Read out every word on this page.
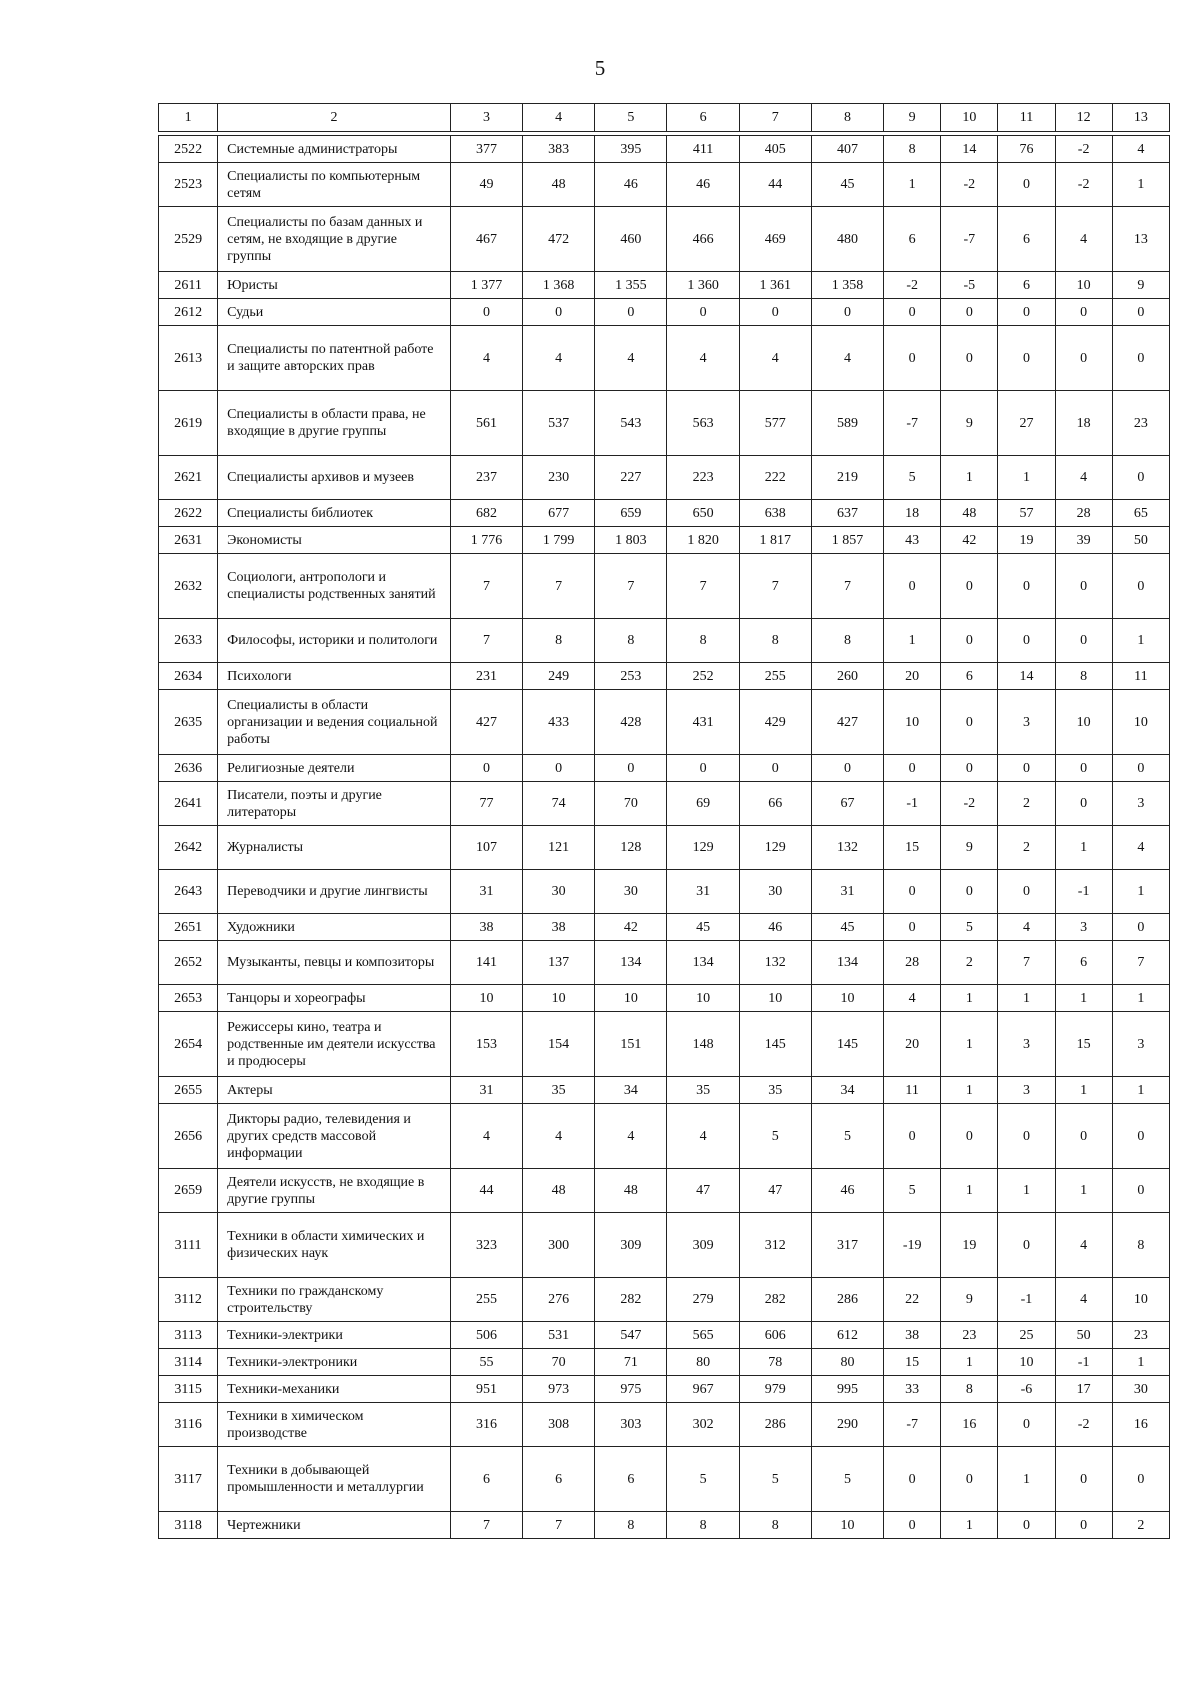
5
1	2	3	4	5	6	7	8	9	10	11	12	13

2522	Системные администраторы	377	383	395	411	405	407	8	14	76	-2	4
2523	Специалисты по компьютерным сетям	49	48	46	46	44	45	1	-2	0	-2	1
2529	Специалисты по базам данных и сетям, не входящие в другие группы	467	472	460	466	469	480	6	-7	6	4	13
2611	Юристы	1 377	1 368	1 355	1 360	1 361	1 358	-2	-5	6	10	9
2612	Судьи	0	0	0	0	0	0	0	0	0	0	0
2613	Специалисты по патентной работе и защите авторских прав	4	4	4	4	4	4	0	0	0	0	0
2619	Специалисты в области права, не входящие в другие группы	561	537	543	563	577	589	-7	9	27	18	23
2621	Специалисты архивов и музеев	237	230	227	223	222	219	5	1	1	4	0
2622	Специалисты библиотек	682	677	659	650	638	637	18	48	57	28	65
2631	Экономисты	1 776	1 799	1 803	1 820	1 817	1 857	43	42	19	39	50
2632	Социологи, антропологи и специалисты родственных занятий	7	7	7	7	7	7	0	0	0	0	0
2633	Философы, историки и политологи	7	8	8	8	8	8	1	0	0	0	1
2634	Психологи	231	249	253	252	255	260	20	6	14	8	11
2635	Специалисты в области организации и ведения социальной работы	427	433	428	431	429	427	10	0	3	10	10
2636	Религиозные деятели	0	0	0	0	0	0	0	0	0	0	0
2641	Писатели, поэты и другие литераторы	77	74	70	69	66	67	-1	-2	2	0	3
2642	Журналисты	107	121	128	129	129	132	15	9	2	1	4
2643	Переводчики и другие лингвисты	31	30	30	31	30	31	0	0	0	-1	1
2651	Художники	38	38	42	45	46	45	0	5	4	3	0
2652	Музыканты, певцы и композиторы	141	137	134	134	132	134	28	2	7	6	7
2653	Танцоры и хореографы	10	10	10	10	10	10	4	1	1	1	1
2654	Режиссеры кино, театра и родственные им деятели искусства и продюсеры	153	154	151	148	145	145	20	1	3	15	3
2655	Актеры	31	35	34	35	35	34	11	1	3	1	1
2656	Дикторы радио, телевидения и других средств массовой информации	4	4	4	4	5	5	0	0	0	0	0
2659	Деятели искусств, не входящие в другие группы	44	48	48	47	47	46	5	1	1	1	0
3111	Техники в области химических и физических наук	323	300	309	309	312	317	-19	19	0	4	8
3112	Техники по гражданскому строительству	255	276	282	279	282	286	22	9	-1	4	10
3113	Техники-электрики	506	531	547	565	606	612	38	23	25	50	23
3114	Техники-электроники	55	70	71	80	78	80	15	1	10	-1	1
3115	Техники-механики	951	973	975	967	979	995	33	8	-6	17	30
3116	Техники в химическом производстве	316	308	303	302	286	290	-7	16	0	-2	16
3117	Техники в добывающей промышленности и металлургии	6	6	6	5	5	5	0	0	1	0	0
3118	Чертежники	7	7	8	8	8	10	0	1	0	0	2
